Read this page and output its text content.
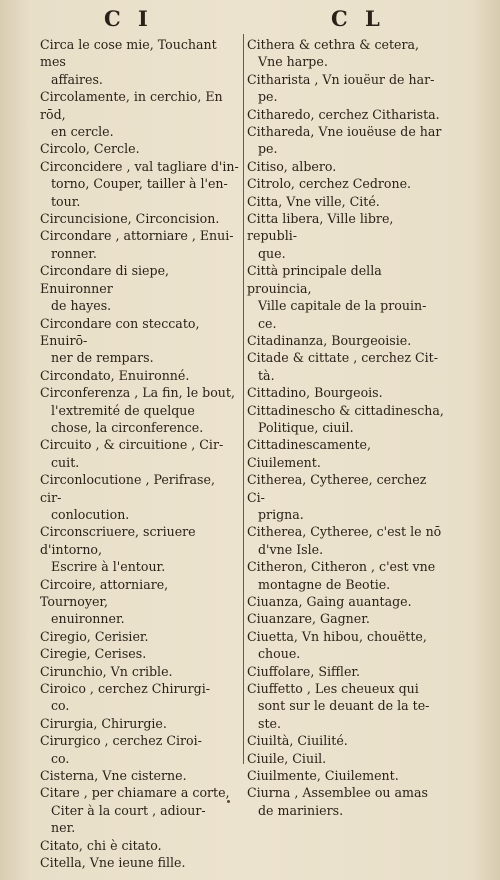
C I	C L
Circa le cose mie, Touchant mes
affaires.
Circolamente, in cerchio, En rōd,
en cercle.
Circolo, Cercle.
Circoncidere , val tagliare d'in-
torno, Couper, tailler à l'en-
tour.
Circuncisione, Circoncision.
Circondare , attorniare , Enui-
ronner.
Circondare di siepe, Enuironner
de hayes.
Circondare con steccato, Enuirō-
ner de rempars.
Circondato, Enuironné.
Circonferenza , La fin, le bout,
l'extremité de quelque
chose, la circonference.
Circuito , & circuitione , Cir-
cuit.
Circonlocutione , Perifrase, cir-
conlocution.
Circonscriuere, scriuere d'intorno,
Escrire à l'entour.
Circoire, attorniare, Tournoyer,
enuironner.
Ciregio, Cerisier.
Ciregie, Cerises.
Cirunchio, Vn crible.
Ciroico , cerchez Chirurgi-
co.
Cirurgia, Chirurgie.
Cirurgico , cerchez Ciroi-
co.
Cisterna, Vne cisterne.
Citare , per chiamare a corte,
Citer à la court , adiour-
ner.
Citato, chi è citato.
Citella, Vne ieune fille.
Cithera & cethra & cetera,
Vne harpe.
Citharista , Vn iouëur de har-
pe.
Citharedo, cerchez Citharista.
Cithareda, Vne iouëuse de har
pe.
Citiso, albero.
Citrolo, cerchez Cedrone.
Citta, Vne ville, Cité.
Citta libera, Ville libre, republi-
que.
Città principale della prouincia,
Ville capitale de la prouin-
ce.
Citadinanza, Bourgeoisie.
Citade & cittate , cerchez Cit-
tà.
Cittadino, Bourgeois.
Cittadinescho & cittadinescha,
Politique, ciuil.
Cittadinescamente, Ciuilement.
Citherea, Cytheree, cerchez Ci-
prigna.
Citherea, Cytheree, c'est le nō
d'vne Isle.
Citheron, Citheron , c'est vne
montagne de Beotie.
Ciuanza, Gaing auantage.
Ciuanzare, Gagner.
Ciuetta, Vn hibou, chouëtte,
choue.
Ciuffolare, Siffler.
Ciuffetto , Les cheueux qui
sont sur le deuant de la te-
ste.
Ciuiltà, Ciuilité.
Ciuile, Ciuil.
Ciuilmente, Ciuilement.
Ciurna , Assemblee ou amas
de mariniers.
